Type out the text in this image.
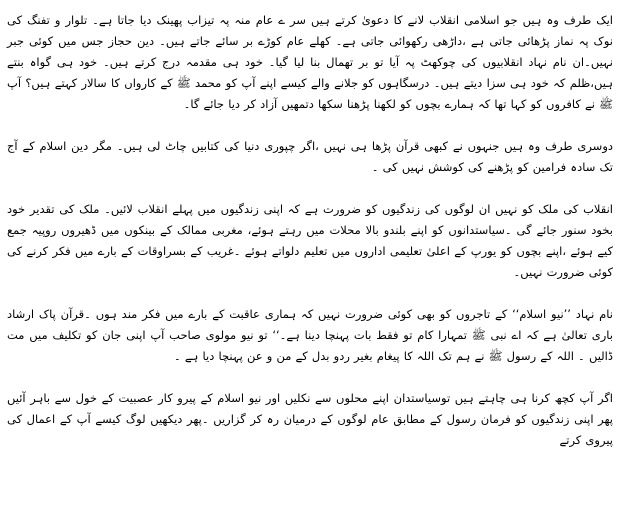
ایک طرف وہ ہیں جو اسلامی انقلاب لانے کا دعویٰ کرتے ہیں سر ے عام منہ پہ تیزاب پھینک دیا جاتا ہے۔ تلوار و تفنگ کی نوک پہ نماز پڑھائی جاتی ہے ،داڑھی رکھوائی جاتی ہے۔ کھلے عام کوڑے بر سائے جاتے ہیں۔ دین حجاز جس میں کوئی جبر نہیں۔ان نام نہاد انقلابیوں کی چوکھٹ پہ آیا تو بر تھمال بنا لیا گیا۔ خود ہی مقدمہ درج کرتے ہیں۔ خود ہی گواہ بنتے ہیں،ظلم کہ خود ہی سزا دیتے ہیں۔ درسگاہوں کو جلانے والے کیسے اپنے آپ کو محمد ﷺ کے کارواں کا سالار کہتے ہیں؟ آپ ﷺ نے کافروں کو کہا تھا کہ ہمارے بچوں کو لکھنا پڑھنا سکھا دتمھیں آزاد کر دیا جائے گا۔

دوسری طرف وہ ہیں جنہوں نے کبھی قرآن پڑھا ہی نہیں ،اگر چپوری دنیا کی کتابیں چاٹ لی ہیں۔ مگر دین اسلام کے آج تک سادہ فرامین کو پڑھنے کی کوشش نہیں کی ۔

انقلاب کی ملک کو نہیں ان لوگوں کی زندگیوں کو ضرورت ہے کہ اپنی زندگیوں میں پہلے انقلاب لائیں۔ ملک کی تقدیر خود بخود سنور جائے گی ۔سیاستدانوں کو اپنے بلندو بالا محلات میں رہتے ہوئے، مغربی ممالک کے بینکوں میں ڈھیروں روپیہ جمع کیے ہوئے ،اپنے بچوں کو یورپ کے اعلیٰ تعلیمی اداروں میں تعلیم دلواتے ہوئے ۔غریب کے بسراوقات کے بارے میں فکر کرنے کی کوئی ضرورت نہیں۔

نام نہاد ’’نیو اسلام‘‘ کے تاجروں کو بھی کوئی ضرورت نہیں کہ ہماری عاقبت کے بارے میں فکر مند ہوں ۔قرآن پاک ارشاد باری تعالیٰ ہے کہ اے نبی ﷺ تمہارا کام تو فقط بات پہنچا دینا ہے۔‘‘ تو نیو مولوی صاحب آپ اپنی جان کو تکلیف میں مت ڈالیں ۔ اللہ کے رسول ﷺ نے ہم تک اللہ کا پیغام بغیر ردو بدل کے من و عن پہنچا دیا ہے ۔

اگر آپ کچھ کرنا ہی چاہتے ہیں توسیاستدان اپنے محلوں سے نکلیں اور نیو اسلام کے پیرو کار عصبیت کے خول سے باہر آئیں پھر اپنی زندگیوں کو فرمان رسول کے مطابق عام لوگوں کے درمیان رہ کر گزاریں ۔پھر دیکھیں لوگ کیسے آپ کے اعمال کی پیروی کرتے
